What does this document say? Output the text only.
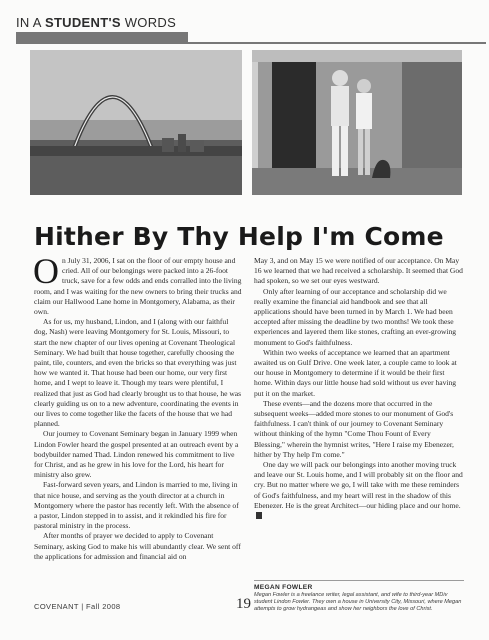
IN A STUDENT'S WORDS
Hither By Thy Help I'm Come

On July 31, 2006, I sat on the floor of our empty house and cried. All of our belongings were packed into a 26-foot truck, save for a few odds and ends corralled into the living room, and I was waiting for the new owners to bring their trucks and claim our Hallwood Lane home in Montgomery, Alabama, as their own.

As for us, my husband, Lindon, and I (along with our faithful dog, Nash) were leaving Montgomery for St. Louis, Missouri, to start the new chapter of our lives opening at Covenant Theological Seminary. We had built that house together, carefully choosing the paint, tile, counters, and even the bricks so that everything was just how we wanted it. That house had been our home, our very first home, and I wept to leave it. Though my tears were plentiful, I realized that just as God had clearly brought us to that house, he was clearly guiding us on to a new adventure, coordinating the events in our lives to come together like the facets of the house that we had planned.

Our journey to Covenant Seminary began in January 1999 when Lindon Fowler heard the gospel presented at an outreach event by a bodybuilder named Thad. Lindon renewed his commitment to live for Christ, and as he grew in his love for the Lord, his heart for ministry also grew.

Fast-forward seven years, and Lindon is married to me, living in that nice house, and serving as the youth director at a church in Montgomery where the pastor has recently left. With the absence of a pastor, Lindon stepped in to assist, and it rekindled his fire for pastoral ministry in the process.

After months of prayer we decided to apply to Covenant Seminary, asking God to make his will abundantly clear. We sent off the applications for admission and financial aid on

May 3, and on May 15 we were notified of our acceptance. On May 16 we learned that we had received a scholarship. It seemed that God had spoken, so we set our eyes westward.

Only after learning of our acceptance and scholarship did we really examine the financial aid handbook and see that all applications should have been turned in by March 1. We had been accepted after missing the deadline by two months! We took these experiences and layered them like stones, crafting an ever-growing monument to God's faithfulness.

Within two weeks of acceptance we learned that an apartment awaited us on Gulf Drive. One week later, a couple came to look at our house in Montgomery to determine if it would be their first home. Within days our little house had sold without us ever having put it on the market.

These events—and the dozens more that occurred in the subsequent weeks—added more stones to our monument of God's faithfulness. I can't think of our journey to Covenant Seminary without thinking of the hymn "Come Thou Fount of Every Blessing," wherein the hymnist writes, "Here I raise my Ebenezer, hither by Thy help I'm come."

One day we will pack our belongings into another moving truck and leave our St. Louis home, and I will probably sit on the floor and cry. But no matter where we go, I will take with me these reminders of God's faithfulness, and my heart will rest in the shadow of this Ebenezer. He is the great Architect—our hiding place and our home.

MEGAN FOWLER
Megan Fowler is a freelance writer, legal assistant, and wife to third-year MDiv student Lindon Fowler. They own a house in University City, Missouri, where Megan attempts to grow hydrangeas and show her neighbors the love of Christ.
COVENANT | Fall 2008	19
